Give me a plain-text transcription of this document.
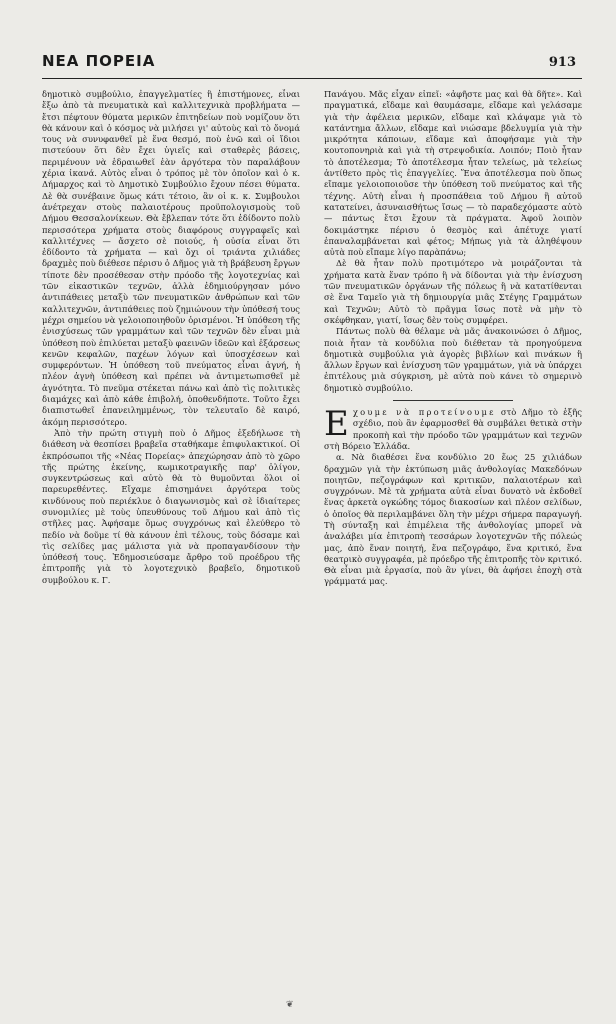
ΝΕΑ ΠΟΡΕΙΑ	913

δημοτικὸ συμβούλιο, ἐπαγγελματίες ἢ ἐπιστήμονες, εἶναι ἔξω ἀπὸ τὰ πνευματικὰ καὶ καλλιτεχνικὰ προβλήματα — ἔτσι πέφτουν θύματα μερικῶν ἐπιτηδείων ποὺ νομίζουν ὅτι θὰ κάνουν καὶ ὁ κόσμος νὰ μιλήσει γι' αὐτοὺς καὶ τὸ ὄνομά τους νὰ συνυφανθεῖ μὲ ἕνα θεσμό, ποὺ ἐνῶ καὶ οἱ ἴδιοι πιστεύουν ὅτι δὲν ἔχει ὑγιεῖς καὶ σταθερὲς βάσεις, περιμένουν νὰ ἑδραιωθεῖ ἐὰν ἀργότερα τὸν παραλάβουν χέρια ἱκανά. Αὐτὸς εἶναι ὁ τρόπος μὲ τὸν ὁποῖον καὶ ὁ κ. Δήμαρχος καὶ τὸ Δημοτικὸ Συμβούλιο ἔχουν πέσει θύματα. Δὲ θὰ συνέβαινε ὅμως κάτι τέτοιο, ἂν οἱ κ. κ. Συμβουλοι ἀνέτρεχαν στοὺς παλαιοτέρους προϋπολογισμοὺς τοῦ Δήμου Θεσσαλονίκεων. Θὰ ἔβλεπαν τότε ὅτι ἐδίδοντο πολὺ περισσότερα χρήματα στοὺς διαφόρους συγγραφεῖς καὶ καλλιτέχνες — ἄσχετο σὲ ποιούς, ἡ οὐσία εἶναι ὅτι ἐδίδοντο τὰ χρήματα — καὶ ὄχι οἱ τριάντα χιλιάδες δραχμὲς ποὺ διέθεσε πέρισυ ὁ Δῆμος γιὰ τὴ βράβευση ἔργων τίποτε δὲν προσέθεσαν στὴν πρόοδο τῆς λογοτεχνίας καὶ τῶν εἰκαστικῶν τεχνῶν, ἀλλὰ ἐδημιούργησαν μόνο ἀντιπάθειες μεταξὺ τῶν πνευματικῶν ἀνθρώπων καὶ τῶν καλλιτεχνῶν, ἀντιπάθειες ποὺ ζημιώνουν τὴν ὑπόθεσή τους μέχρι σημείου νὰ γελοιοποιηθοῦν ὁρισμένοι. Ἡ ὑπόθεση τῆς ἐνισχύσεως τῶν γραμμάτων καὶ τῶν τεχνῶν δὲν εἶναι μιὰ ὑπόθεση ποὺ ἐπιλύεται μεταξὺ φαεινῶν ἰδεῶν καὶ ἐξάρσεως κενῶν κεφαλῶν, παχέων λόγων καὶ ὑποσχέσεων καὶ συμφερόντων. Ἡ ὑπόθεση τοῦ πνεύματος εἶναι ἁγνή, ἡ πλέον ἁγνὴ ὑπόθεση καὶ πρέπει νὰ ἀντιμετωπισθεῖ μὲ ἁγνότητα. Τὸ πνεῦμα στέκεται πάνω καὶ ἀπὸ τὶς πολιτικὲς διαμάχες καὶ ἀπὸ κάθε ἐπιβολή, ὁποθενδήποτε. Τοῦτο ἔχει διαπιστωθεῖ ἐπανειλημμένως, τὸν τελευταῖο δὲ καιρό, ἀκόμη περισσότερο.

Ἀπὸ τὴν πρώτη στιγμὴ ποὺ ὁ Δῆμος ἐξεδήλωσε τὴ διάθεση νὰ θεσπίσει βραβεῖα σταθήκαμε ἐπιφυλακτικοί. Οἱ ἐκπρόσωποι τῆς «Νέας Πορείας» ἀπεχώρησαν ἀπὸ τὸ χῶρο τῆς πρώτης ἐκείνης, κωμικοτραγικῆς παρ' ὀλίγον, συγκεντρώσεως καὶ αὐτὸ θὰ τὸ θυμοῦνται ὅλοι οἱ παρευρεθέντες. Εἴχαμε ἐπισημάνει ἀργότερα τοὺς κινδύνους ποὺ περιέκλυε ὁ διαγωνισμὸς καὶ σὲ ἰδιαίτερες συνομιλίες μὲ τοὺς ὑπευθύνους τοῦ Δήμου καὶ ἀπὸ τὶς στῆλες μας. Ἀφήσαμε ὅμως συγχρόνως καὶ ἐλεύθερο τὸ πεδίο νὰ δοῦμε τί θὰ κάνουν ἐπὶ τέλους, τοὺς δόσαμε καὶ τὶς σελίδες μας μάλιστα γιὰ νὰ προπαγανδίσουν τὴν ὑπόθεσή τους. Ἐδημοσιεύσαμε ἄρθρο τοῦ προέδρου τῆς ἐπιτροπῆς γιὰ τὸ λογοτεχνικὸ βραβεῖο, δημοτικοῦ συμβούλου κ. Γ.

Πανάγου. Μᾶς εἶχαν εἰπεῖ: «ἀφῆστε μας καὶ θὰ δῆτε». Καὶ πραγματικά, εἴδαμε καὶ θαυμάσαμε, εἴδαμε καὶ γελάσαμε γιὰ τὴν ἀφέλεια μερικῶν, εἴδαμε καὶ κλάψαμε γιὰ τὸ κατάντημα ἄλλων, εἴδαμε καὶ νιώσαμε βδελυγμία γιὰ τὴν μικρότητα κάποιων, εἴδαμε καὶ ἀποφήσαμε γιὰ τὴν κουτοπονηριὰ καὶ γιὰ τὴ στρεψοδικία. Λοιπόν; Ποιὸ ἦταν τὸ ἀποτέλεσμα; Τὸ ἀποτέλεσμα ἦταν τελείως, μὰ τελείως ἀντίθετο πρὸς τὶς ἐπαγγελίες. Ἕνα ἀποτέλεσμα ποὺ ὅπως εἴπαμε γελοιοποιοῦσε τὴν ὑπόθεση τοῦ πνεύματος καὶ τῆς τέχνης. Αὐτὴ εἶναι ἡ προσπάθεια τοῦ Δήμου ἢ αὐτοῦ κατατείνει, ἀσυναισθήτως ἴσως — τὸ παραδεχόμαστε αὐτὸ — πάντως ἔτσι ἔχουν τὰ πράγματα. Ἀφοῦ λοιπὸν δοκιμάστηκε πέρισυ ὁ θεσμὸς καὶ ἀπέτυχε γιατί ἐπαναλαμβάνεται καὶ φέτος; Μήπως γιὰ τὰ ἀληθέψουν αὐτὰ ποὺ εἴπαμε λίγο παρὰπάνω;

Δὲ θὰ ἦταν πολὺ προτιμότερο νὰ μοιράζονται τὰ χρήματα κατὰ ἕναν τρόπο ἢ νὰ δίδονται γιὰ τὴν ἐνίσχυση τῶν πνευματικῶν ὀργάνων τῆς πόλεως ἢ νὰ κατατίθενται σὲ ἕνα Ταμεῖο γιὰ τὴ δημιουργία μιᾶς Στέγης Γραμμάτων καὶ Τεχνῶν; Αὐτὸ τὸ πρᾶγμα ἴσως ποτὲ νὰ μὴν τὸ σκέφθηκαν, γιατί, ἴσως δὲν τοὺς συμφέρει.

Πάντως πολὺ θὰ θέλαμε νὰ μᾶς ἀνακοινώσει ὁ Δῆμος, ποιὰ ἦταν τὰ κονδύλια ποὺ διέθεταν τὰ προηγούμενα δημοτικὰ συμβούλια γιὰ ἀγορὲς βιβλίων καὶ πινάκων ἢ ἄλλων ἔργων καὶ ἐνίσχυση τῶν γραμμάτων, γιὰ νὰ ὑπάρχει ἐπιτέλους μιὰ σύγκριση, μὲ αὐτὰ ποὺ κάνει τὸ σημερινὸ δημοτικὸ συμβούλιο.

Εχουμε νὰ προτείνουμε στὸ Δῆμο τὸ ἑξῆς σχέδιο, ποὺ ἂν ἐφαρμοσθεῖ θὰ συμβάλει θετικὰ στὴν προκοπὴ καὶ τὴν πρόοδο τῶν γραμμάτων καὶ τεχνῶν στὴ Βόρειο Ἑλλάδα.

α. Νὰ διαθέσει ἕνα κονδύλιο 20 ἕως 25 χιλιάδων δραχμῶν γιὰ τὴν ἐκτύπωση μιᾶς ἀνθολογίας Μακεδόνων ποιητῶν, πεζογράφων καὶ κριτικῶν, παλαιοτέρων καὶ συγχρόνων. Μὲ τὰ χρήματα αὐτὰ εἶναι δυνατὸ νὰ ἐκδοθεῖ ἕνας ἀρκετὰ ογκώδης τόμος διακοσίων καὶ πλέον σελίδων, ὁ ὁποῖος θὰ περιλαμβάνει ὅλη τὴν μέχρι σήμερα παραγωγή. Τὴ σύνταξη καὶ ἐπιμέλεια τῆς ἀνθολογίας μπορεῖ νὰ ἀναλάβει μία ἐπιτροπὴ τεσσάρων λογοτεχνῶν τῆς πόλεώς μας, ἀπὸ ἕναν ποιητή, ἕνα πεζογράφο, ἕνα κριτικό, ἕνα θεατρικὸ συγγραφέα, μὲ πρόεδρο τῆς ἐπιτροπῆς τὸν κριτικό. Θὰ εἶναι μιὰ ἐργασία, ποὺ ἂν γίνει, θὰ ἀφήσει ἐποχὴ στὰ γράμματά μας.

❦
